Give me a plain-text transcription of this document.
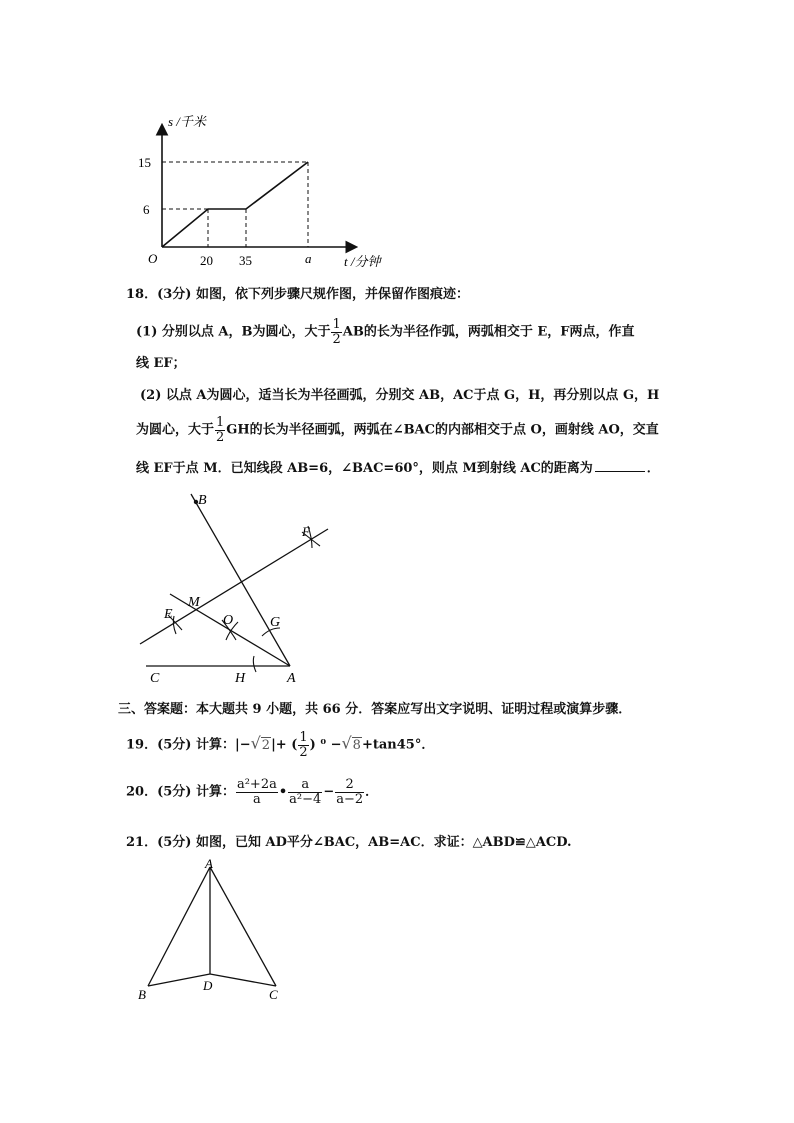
s /千米
t /分钟
O
15
6
20 35	a
18．(3分) 如图，依下列步骤尺规作图，并保留作图痕迹：
(1) 分别以点 A，B为圆心，大于 $\frac{1}{2}$ AB的长为半径作弧，两弧相交于 E，F两点，作直
线 EF；
(2) 以点 A为圆心，适当长为半径画弧，分别交 AB，AC于点 G，H，再分别以点 G，H
为圆心，大于 $\frac{1}{2}$ GH的长为半径画弧，两弧在∠BAC的内部相交于点 O，画射线 AO，交直
线 EF于点 M．已知线段 AB=6，∠BAC=60°，则点 M到射线 AC的距离为	．
B
F
M
E	O	G
C	H	A
三、答案题：本大题共 9 小题，共 66 分．答案应写出文字说明、证明过程或演算步骤．
19．(5分) 计算：|−√2|+ ( $\frac{1}{2}$ ) ⁰ −√8+tan45°．
20．(5分) 计算： $\frac{\text{a²+2a}}{a}$ • $\frac{a}{\text{a²−4}} - \frac{2}{a-2}$ ．
21．(5分) 如图，已知 AD平分∠BAC，AB=AC．求证：△ABD≌△ACD.
A
B
D
C
